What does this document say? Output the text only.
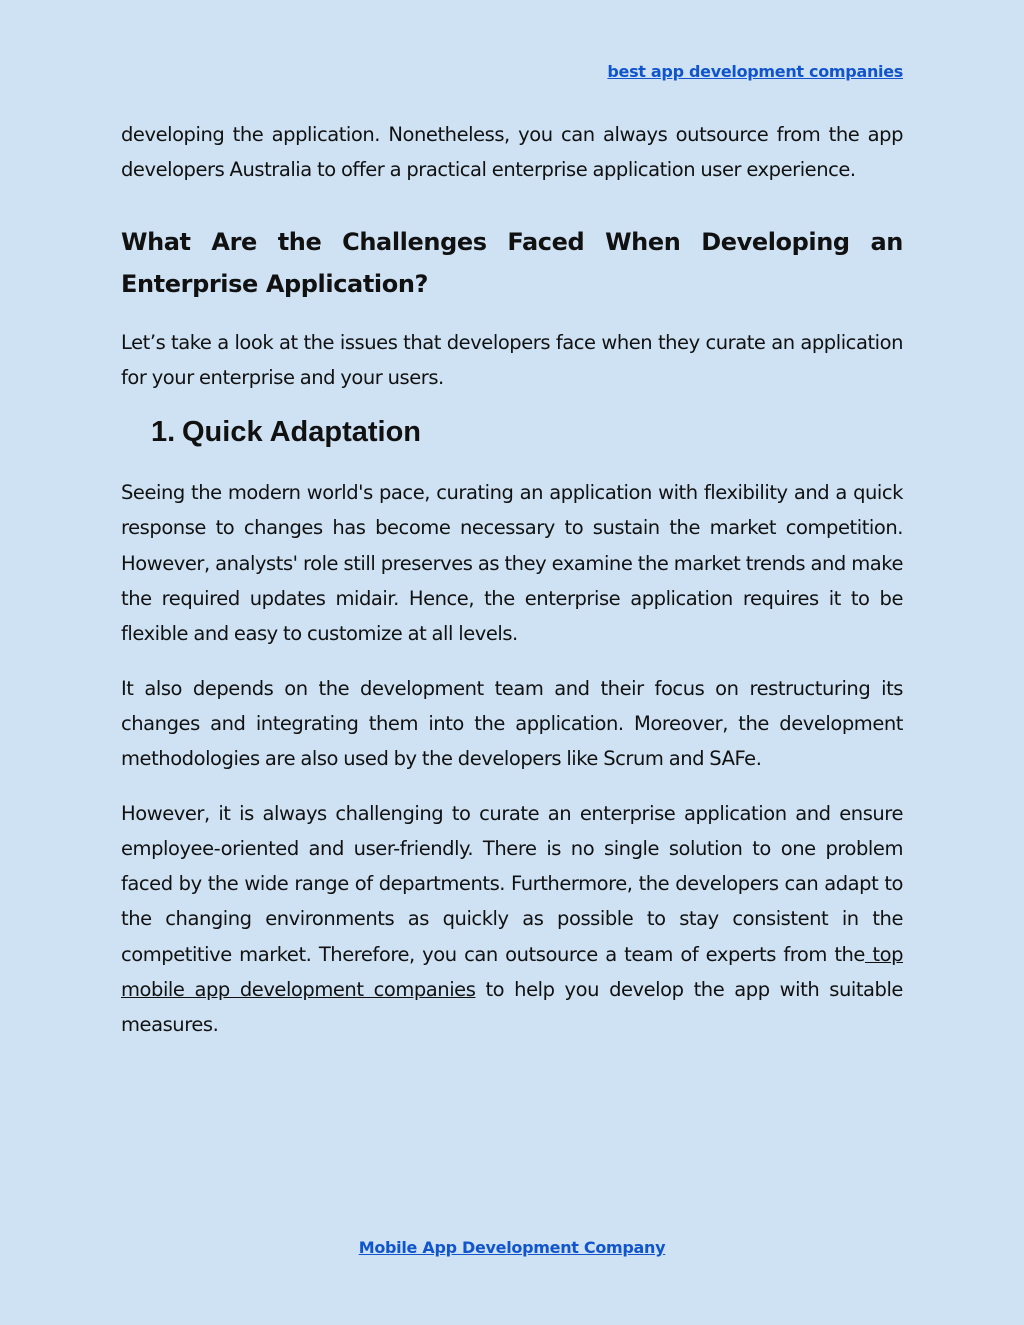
best app development companies

developing the application. Nonetheless, you can always outsource from the app developers Australia to offer a practical enterprise application user experience.

What Are the Challenges Faced When Developing an Enterprise Application?

Let’s take a look at the issues that developers face when they curate an application for your enterprise and your users.

1. Quick Adaptation

Seeing the modern world's pace, curating an application with flexibility and a quick response to changes has become necessary to sustain the market competition. However, analysts' role still preserves as they examine the market trends and make the required updates midair. Hence, the enterprise application requires it to be flexible and easy to customize at all levels.

It also depends on the development team and their focus on restructuring its changes and integrating them into the application. Moreover, the development methodologies are also used by the developers like Scrum and SAFe.

However, it is always challenging to curate an enterprise application and ensure employee-oriented and user-friendly. There is no single solution to one problem faced by the wide range of departments. Furthermore, the developers can adapt to the changing environments as quickly as possible to stay consistent in the competitive market. Therefore, you can outsource a team of experts from the top mobile app development companies to help you develop the app with suitable measures.

Mobile App Development Company
